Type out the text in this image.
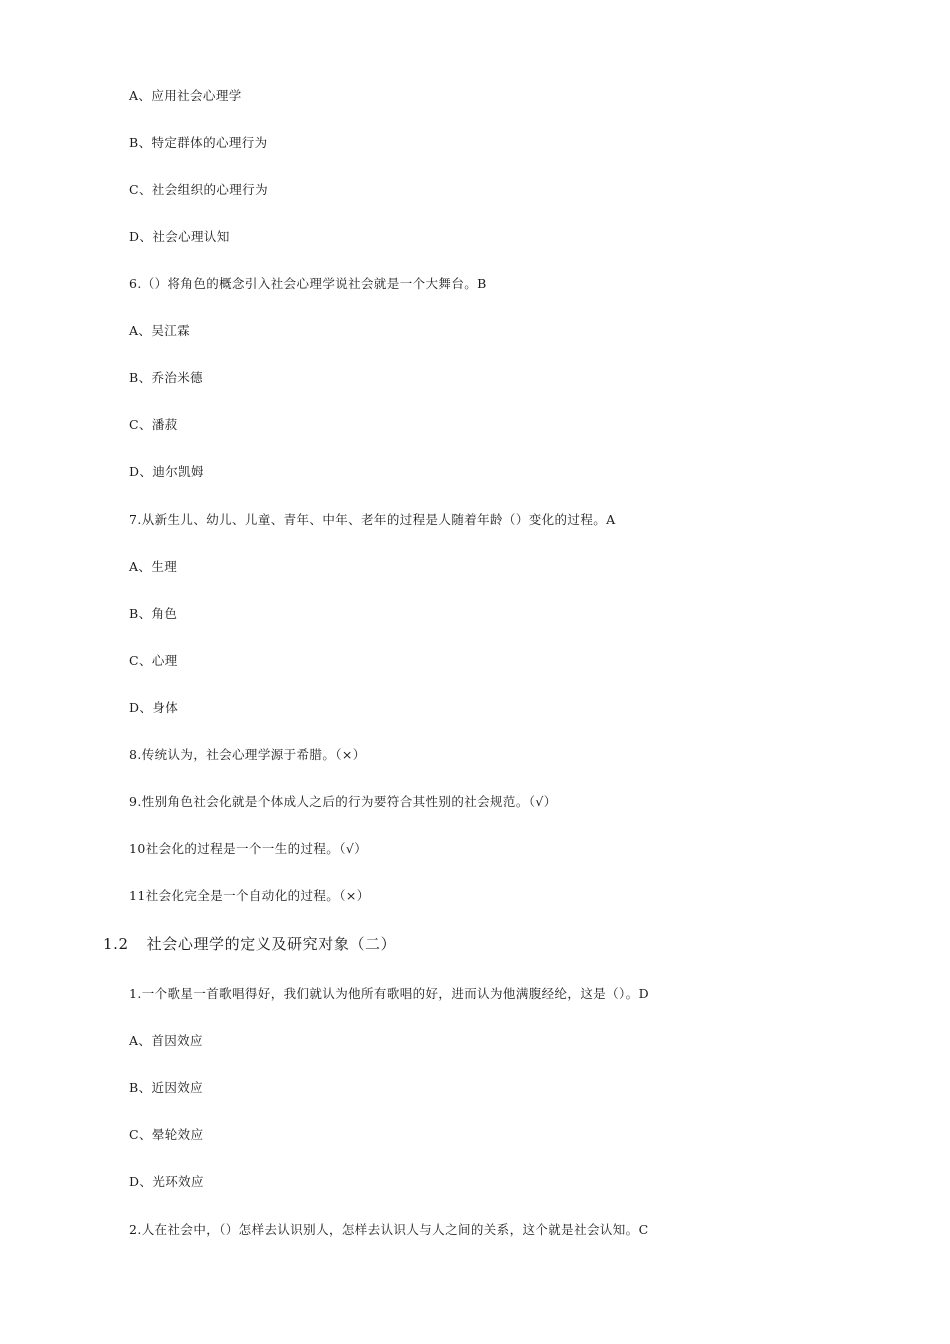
A、应用社会心理学
B、特定群体的心理行为
C、社会组织的心理行为
D、社会心理认知
6.（）将角色的概念引入社会心理学说社会就是一个大舞台。B
A、吴江霖
B、乔治米德
C、潘菽
D、迪尔凯姆
7.从新生儿、幼儿、儿童、青年、中年、老年的过程是人随着年龄（）变化的过程。A
A、生理
B、角色
C、心理
D、身体
8.传统认为，社会心理学源于希腊。（×）
9.性别角色社会化就是个体成人之后的行为要符合其性别的社会规范。（√）
10社会化的过程是一个一生的过程。（√）
11社会化完全是一个自动化的过程。（×）
1.2 社会心理学的定义及研究对象（二）
1.一个歌星一首歌唱得好，我们就认为他所有歌唱的好，进而认为他满腹经纶，这是（）。D
A、首因效应
B、近因效应
C、晕轮效应
D、光环效应
2.人在社会中，（）怎样去认识别人，怎样去认识人与人之间的关系，这个就是社会认知。C
